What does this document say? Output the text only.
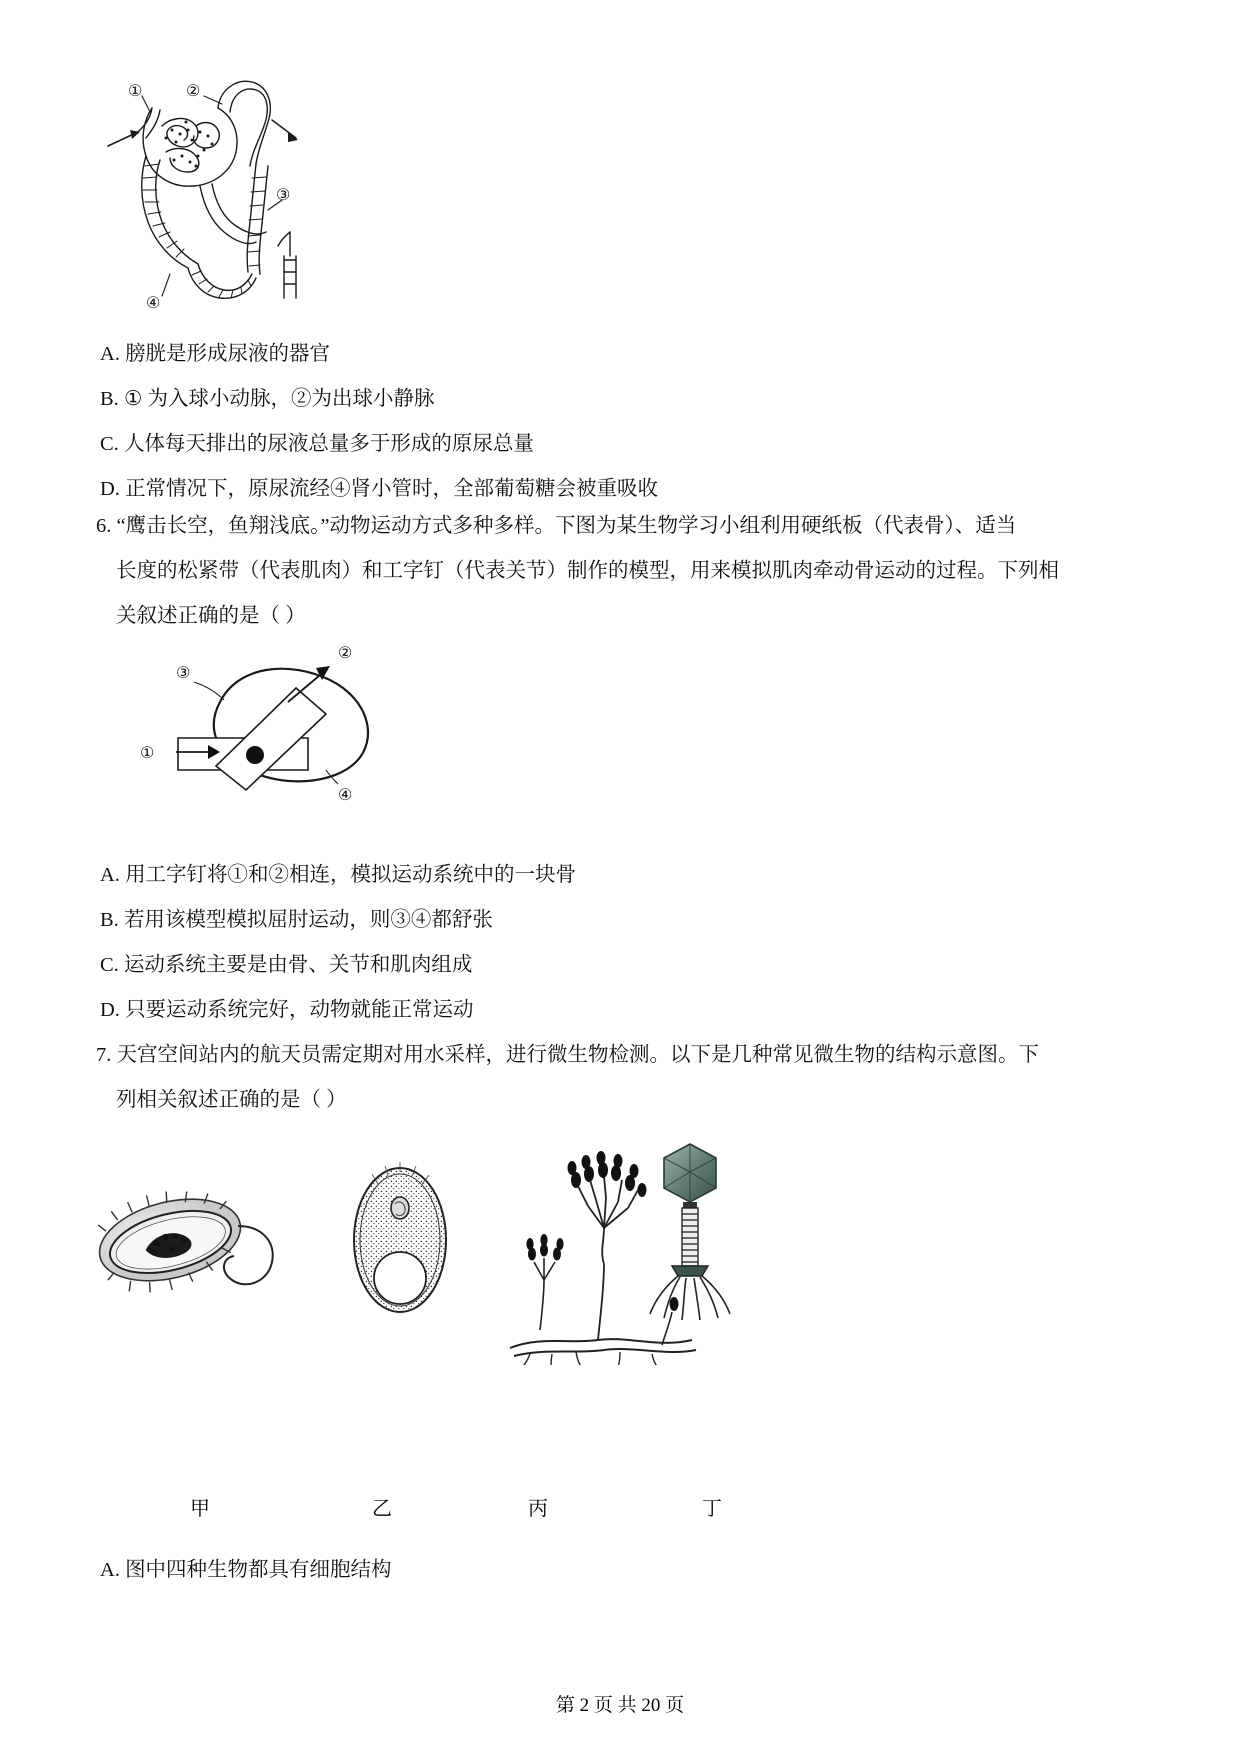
①	②
③
④
A. 膀胱是形成尿液的器官
B. ① 为入球小动脉，②为出球小静脉
C. 人体每天排出的尿液总量多于形成的原尿总量
D. 正常情况下，原尿流经④肾小管时，全部葡萄糖会被重吸收
6. “鹰击长空，鱼翔浅底。”动物运动方式多种多样。下图为某生物学习小组利用硬纸板（代表骨）、适当
长度的松紧带（代表肌肉）和工字钉（代表关节）制作的模型，用来模拟肌肉牵动骨运动的过程。下列相
关叙述正确的是（ ）
②
③
①
④
A. 用工字钉将①和②相连，模拟运动系统中的一块骨
B. 若用该模型模拟屈肘运动，则③④都舒张
C. 运动系统主要是由骨、关节和肌肉组成
D. 只要运动系统完好，动物就能正常运动
7. 天宫空间站内的航天员需定期对用水采样，进行微生物检测。以下是几种常见微生物的结构示意图。下
列相关叙述正确的是（ ）
甲	乙	丙	丁
A. 图中四种生物都具有细胞结构
第 2 页 共 20 页
